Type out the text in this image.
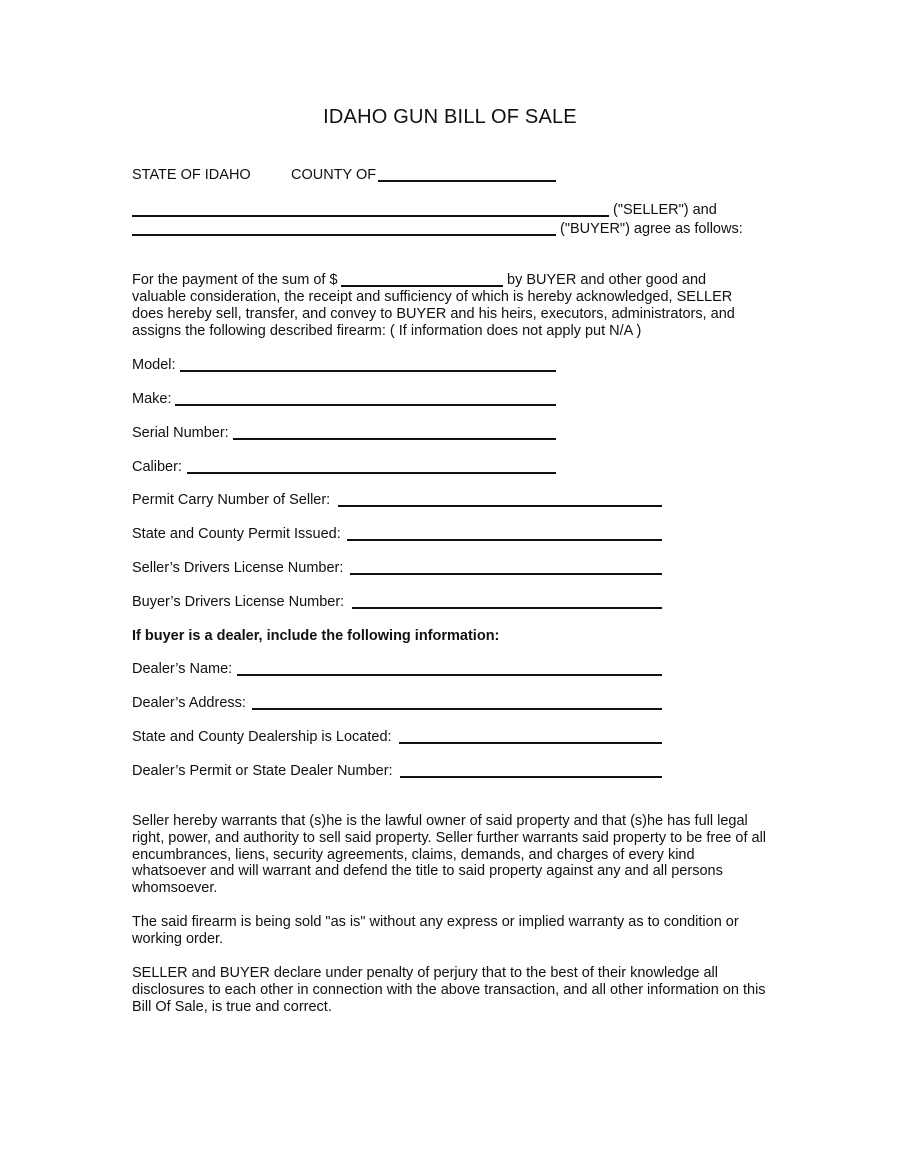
IDAHO GUN BILL OF SALE
STATE OF IDAHO	COUNTY OF
("SELLER") and
("BUYER") agree as follows:
For the payment of the sum of $	by BUYER and other good and
valuable consideration, the receipt and sufficiency of which is hereby acknowledged, SELLER
does hereby sell, transfer, and convey to BUYER and his heirs, executors, administrators, and
assigns the following described firearm: ( If information does not apply put N/A )
Model:
Make:
Serial Number:
Caliber:
Permit Carry Number of Seller:
State and County Permit Issued:
Seller’s Drivers License Number:
Buyer’s Drivers License Number:
If buyer is a dealer, include the following information:
Dealer’s Name:
Dealer’s Address:
State and County Dealership is Located:
Dealer’s Permit or State Dealer Number:
Seller hereby warrants that (s)he is the lawful owner of said property and that (s)he has full legal right, power, and authority to sell said property. Seller further warrants said property to be free of all encumbrances, liens, security agreements, claims, demands, and charges of every kind whatsoever and will warrant and defend the title to said property against any and all persons whomsoever.
The said firearm is being sold "as is" without any express or implied warranty as to condition or working order.
SELLER and BUYER declare under penalty of perjury that to the best of their knowledge all disclosures to each other in connection with the above transaction, and all other information on this Bill Of Sale, is true and correct.
